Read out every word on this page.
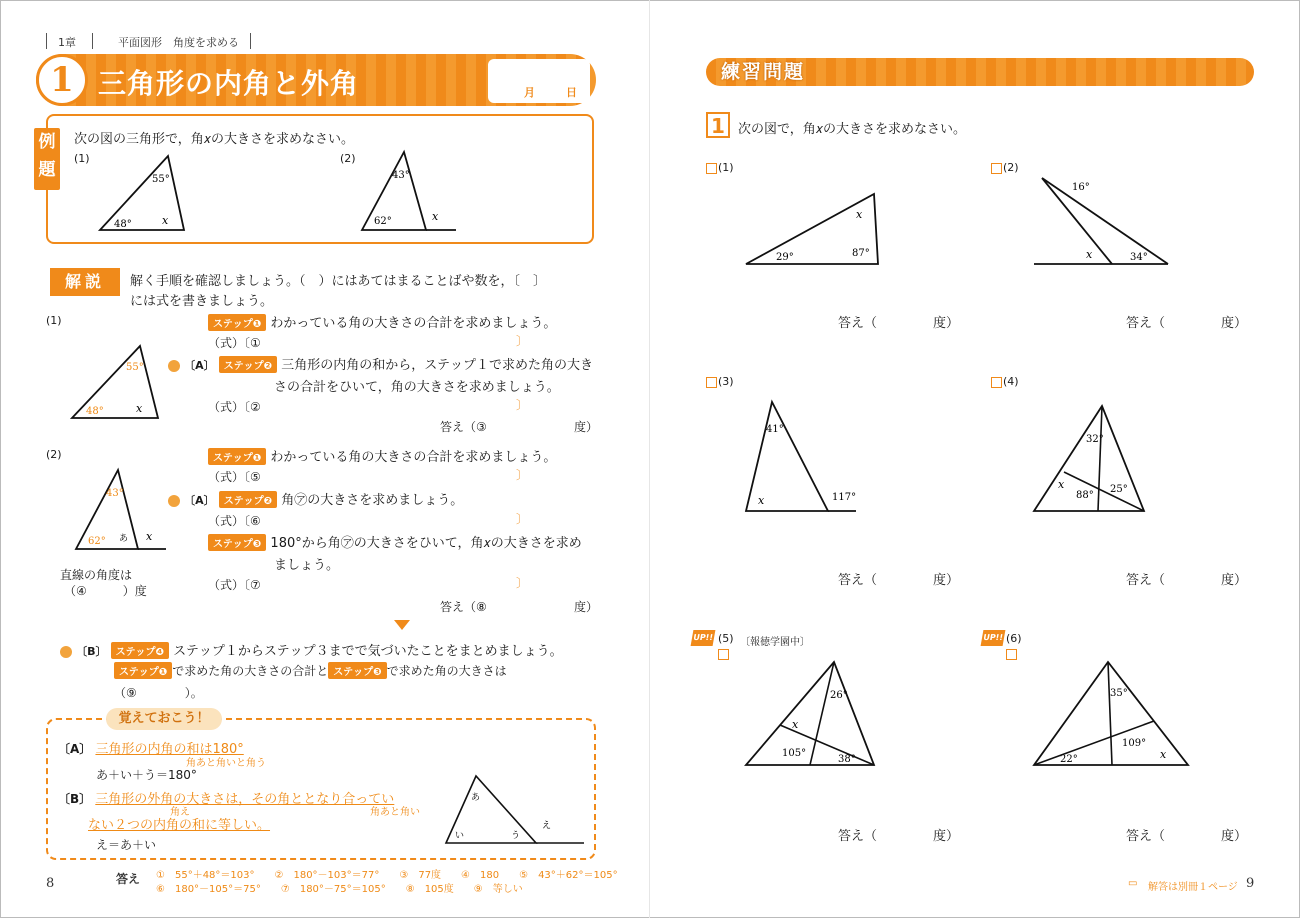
1章	平面図形　角度を求める
1 三角形の内角と外角	月	日
例題
次の図の三角形で，角𝑥の大きさを求めなさい。
(1)	(2)
55°
48°	x
43°
62°	x
解説	解く手順を確認しましょう。（　）にはあてはまることばや数を，〔　〕
には式を書きましょう。
(1)
55°
48°	x
ステップ❶ わかっている角の大きさの合計を求めましょう。
（式）〔①	〕
〔A〕 ステップ❷ 三角形の内角の和から，ステップ１で求めた角の大き
さの合計をひいて，角の大きさを求めましょう。
（式）〔②	〕
答え（③	度）
(2)
43°
62° あ x
直線の角度は
（④　　　）度
ステップ❶ わかっている角の大きさの合計を求めましょう。
（式）〔⑤	〕
〔A〕 ステップ❷ 角㋐の大きさを求めましょう。
（式）〔⑥	〕
ステップ❸ 180°から角㋐の大きさをひいて，角𝑥の大きさを求め
ましょう。
（式）〔⑦	〕
答え（⑧	度）
〔B〕 ステップ❹ ステップ１からステップ３までで気づいたことをまとめましょう。
ステップ❶ で求めた角の大きさの合計と ステップ❸ で求めた角の大きさは
（⑨　　　　）。
覚えておこう！
〔A〕 三角形の内角の和は180°
角あと角いと角う
あ＋い＋う＝180°
〔B〕 三角形の外角の大きさは，その角ととなり合ってい
角え	角あと角い
ない２つの内角の和に等しい。
え＝あ＋い
あ
い	う
え
答え ①　55°＋48°＝103°　　②　180°－103°＝77°　　③　77度　　④　180　　⑤　43°＋62°＝105°
⑥　180°－105°＝75°　　⑦　180°－75°＝105°　　⑧　105度　　⑨　等しい
8
練習問題
1	次の図で，角𝑥の大きさを求めなさい。
(1)
29°	87°
x
答え（	度）
(2)
16°
34°
x
答え（	度）
(3)
41°
117°
x
答え（	度）
(4)
32°
88°
25°
x
答え（	度）
UP!! (5) 〔報徳学園中〕
26°
105°
38°
x
答え（	度）
UP!! (6)
35°
109°
22°	x
答え（	度）
▭ 解答は別冊１ページ 9
